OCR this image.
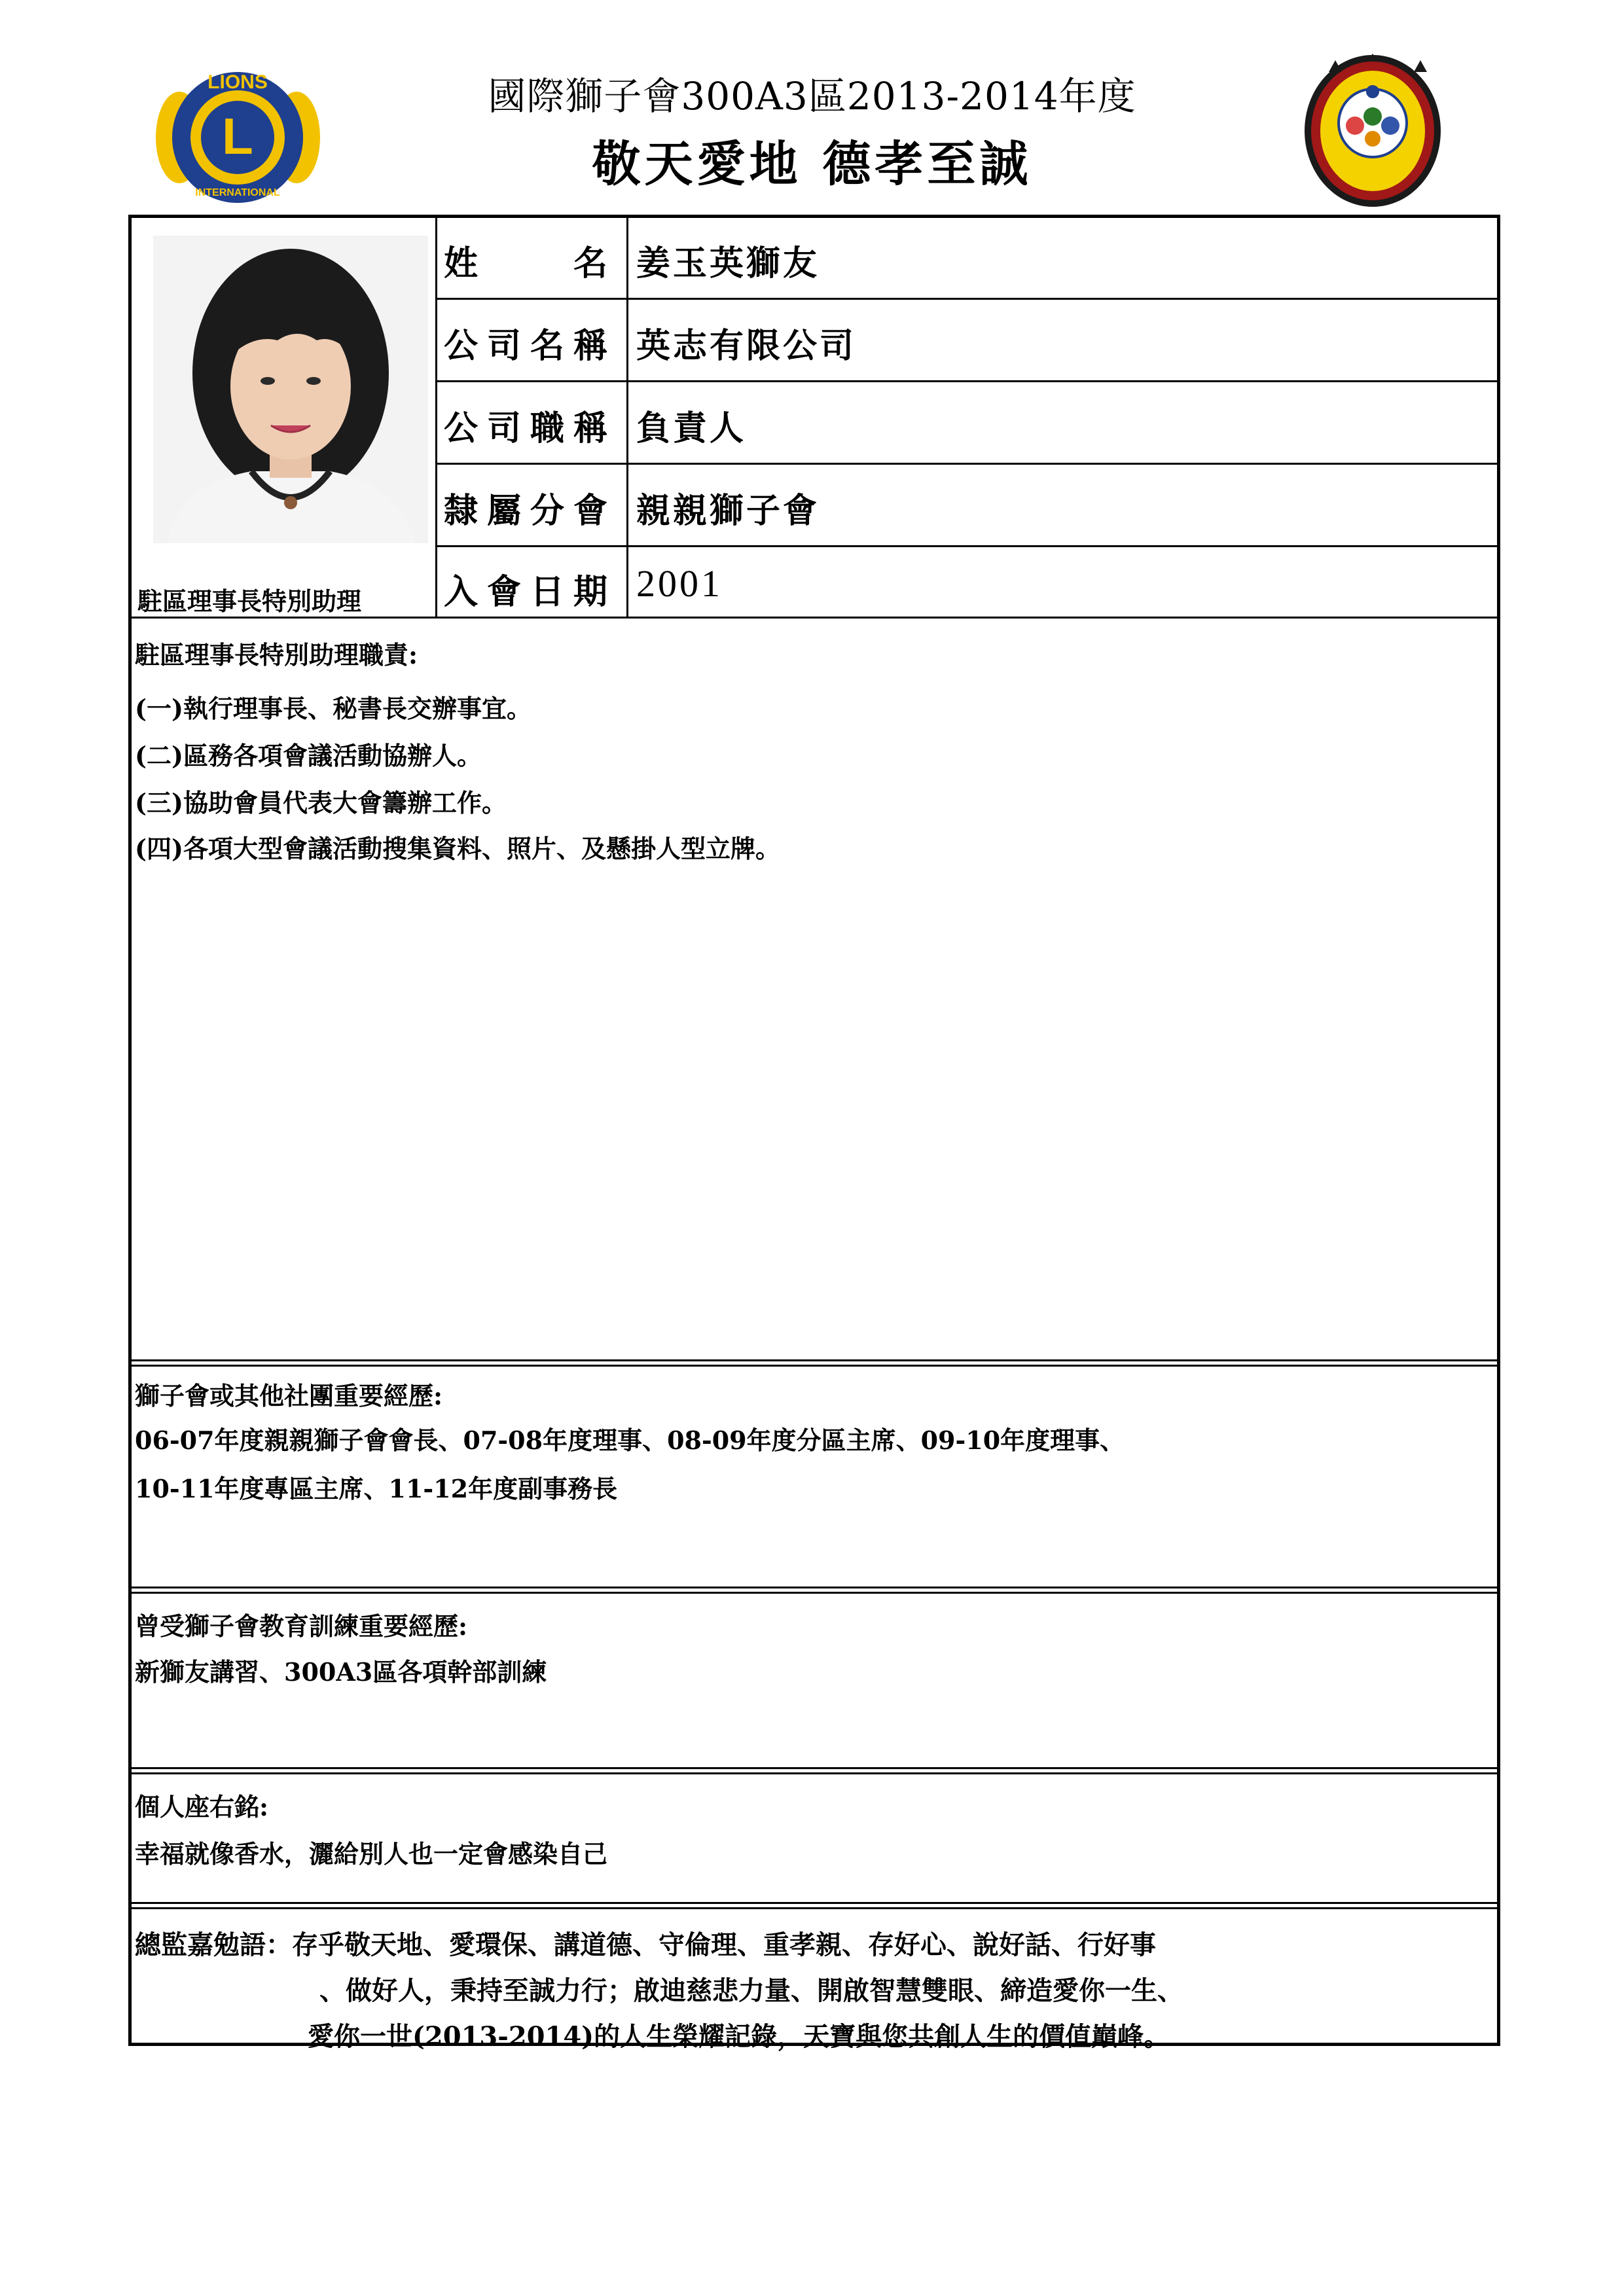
L
LIONS
INTERNATIONAL
國際獅子會300A3區2013-2014年度
敬天愛地 德孝至誠
駐區理事長特別助理
姓　　名
公司名稱
公司職稱
隸屬分會
入會日期
姜玉英獅友
英志有限公司
負責人
親親獅子會
2001
駐區理事長特別助理職責:
(一)執行理事長、秘書長交辦事宜。
(二)區務各項會議活動協辦人。
(三)協助會員代表大會籌辦工作。
(四)各項大型會議活動搜集資料、照片、及懸掛人型立牌。
獅子會或其他社團重要經歷:
06-07年度親親獅子會會長、07-08年度理事、08-09年度分區主席、09-10年度理事、
10-11年度專區主席、11-12年度副事務長
曾受獅子會教育訓練重要經歷:
新獅友講習、300A3區各項幹部訓練
個人座右銘:
幸福就像香水，灑給別人也一定會感染自己
總監嘉勉語：存乎敬天地、愛環保、講道德、守倫理、重孝親、存好心、說好話、行好事
、做好人，秉持至誠力行；啟迪慈悲力量、開啟智慧雙眼、締造愛你一生、
愛你一世(2013-2014)的人生榮耀記錄，天寶與您共創人生的價值巔峰。
